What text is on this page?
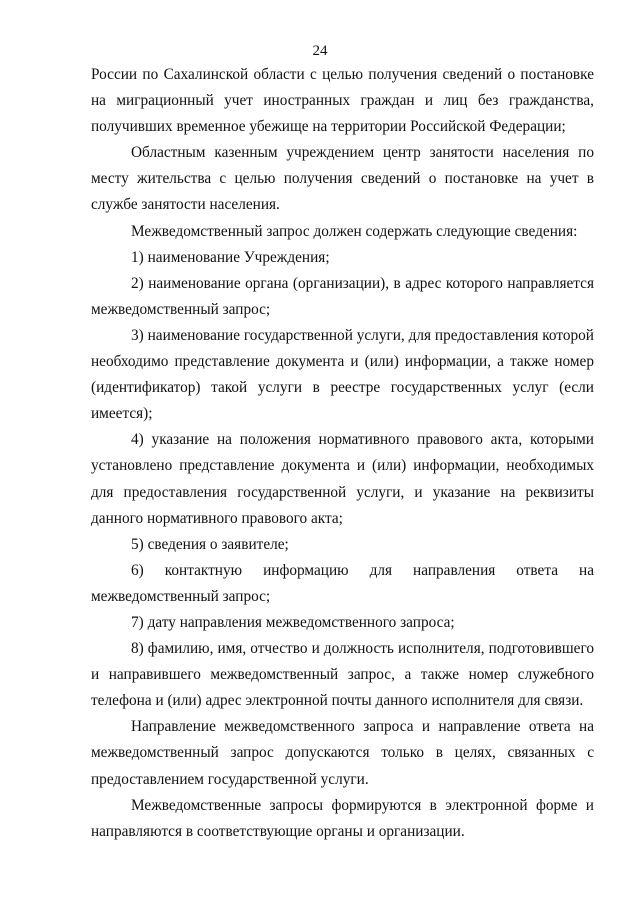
24

России по Сахалинской области с целью получения сведений о постановке на миграционный учет иностранных граждан и лиц без гражданства, получивших временное убежище на территории Российской Федерации;

Областным казенным учреждением центр занятости населения по месту жительства с целью получения сведений о постановке на учет в службе занятости населения.

Межведомственный запрос должен содержать следующие сведения:

1) наименование Учреждения;

2) наименование органа (организации), в адрес которого направляется межведомственный запрос;

3) наименование государственной услуги, для предоставления которой необходимо представление документа и (или) информации, а также номер (идентификатор) такой услуги в реестре государственных услуг (если имеется);

4) указание на положения нормативного правового акта, которыми установлено представление документа и (или) информации, необходимых для предоставления государственной услуги, и указание на реквизиты данного нормативного правового акта;

5) сведения о заявителе;

6) контактную информацию для направления ответа на межведомственный запрос;

7) дату направления межведомственного запроса;

8) фамилию, имя, отчество и должность исполнителя, подготовившего и направившего межведомственный запрос, а также номер служебного телефона и (или) адрес электронной почты данного исполнителя для связи.

Направление межведомственного запроса и направление ответа на межведомственный запрос допускаются только в целях, связанных с предоставлением государственной услуги.

Межведомственные запросы формируются в электронной форме и направляются в соответствующие органы и организации.
